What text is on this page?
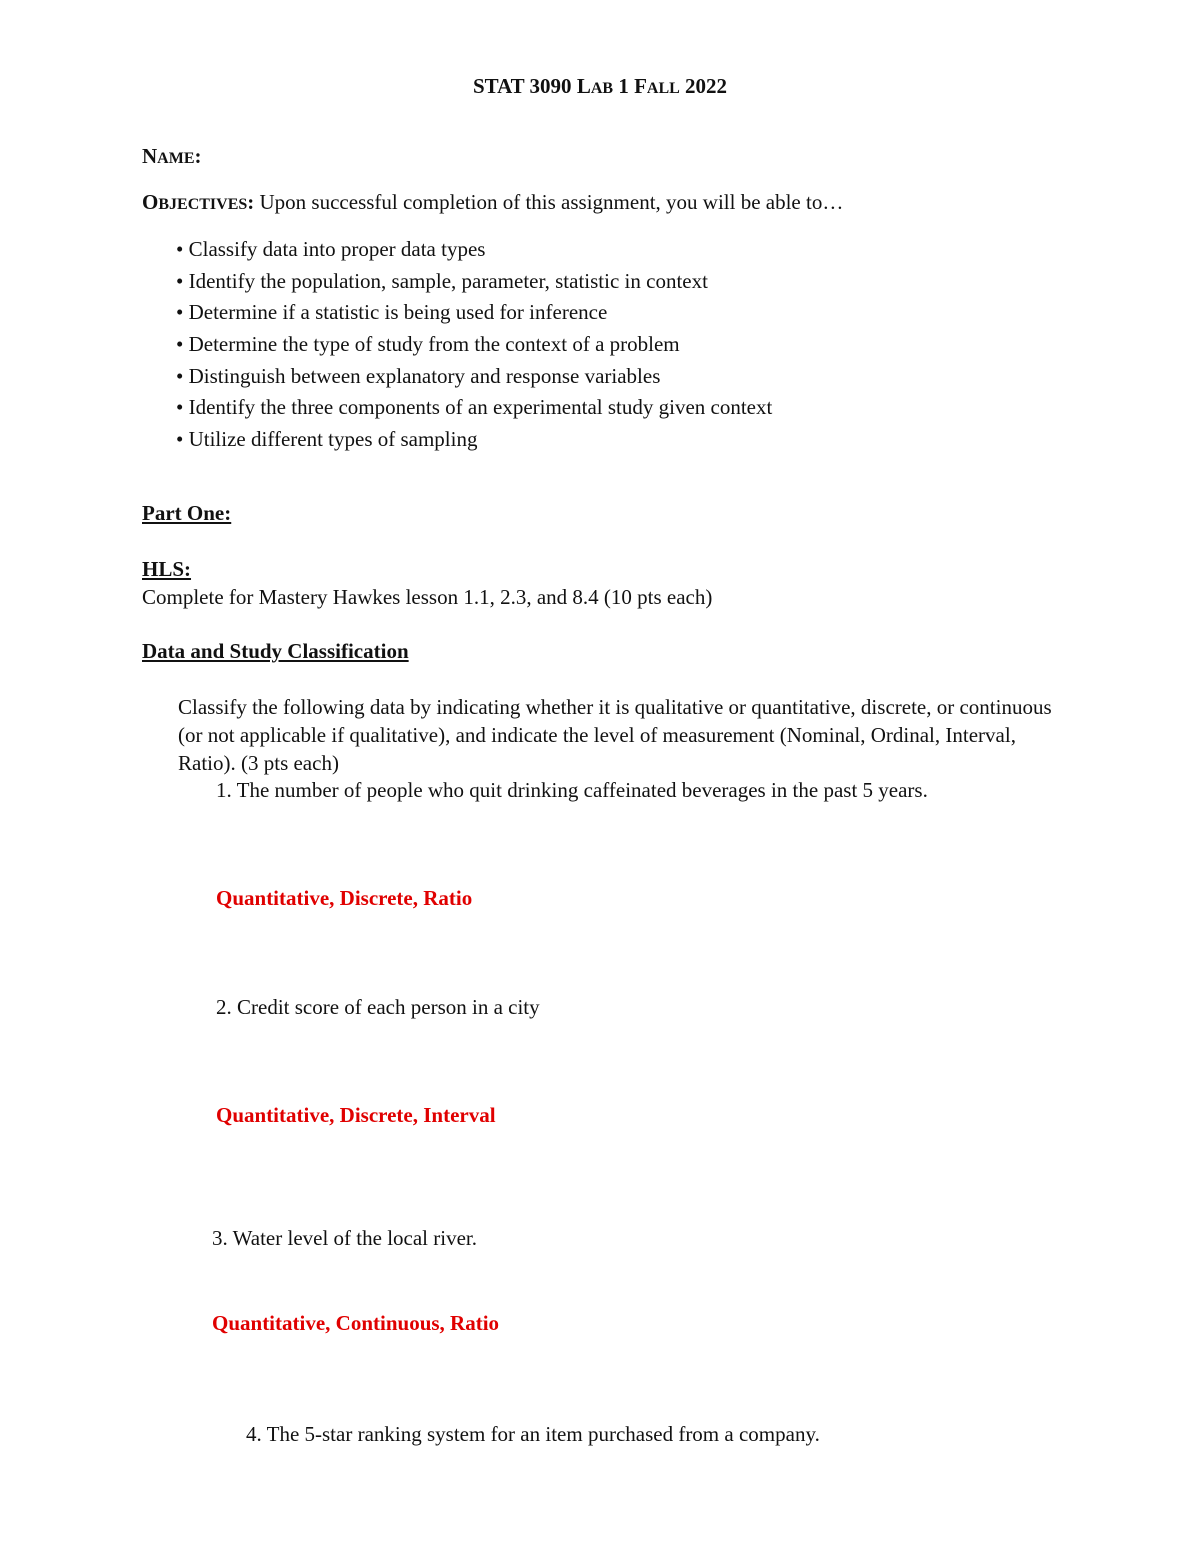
STAT 3090 LAB 1 FALL 2022
NAME:
OBJECTIVES: Upon successful completion of this assignment, you will be able to…
• Classify data into proper data types
• Identify the population, sample, parameter, statistic in context
• Determine if a statistic is being used for inference
• Determine the type of study from the context of a problem
• Distinguish between explanatory and response variables
• Identify the three components of an experimental study given context
• Utilize different types of sampling
Part One:
HLS:
Complete for Mastery Hawkes lesson 1.1, 2.3, and 8.4 (10 pts each)
Data and Study Classification
Classify the following data by indicating whether it is qualitative or quantitative, discrete, or continuous (or not applicable if qualitative), and indicate the level of measurement (Nominal, Ordinal, Interval, Ratio). (3 pts each)
1. The number of people who quit drinking caffeinated beverages in the past 5 years.
Quantitative, Discrete, Ratio
2. Credit score of each person in a city
Quantitative, Discrete, Interval
3. Water level of the local river.
Quantitative, Continuous, Ratio
4. The 5-star ranking system for an item purchased from a company.
